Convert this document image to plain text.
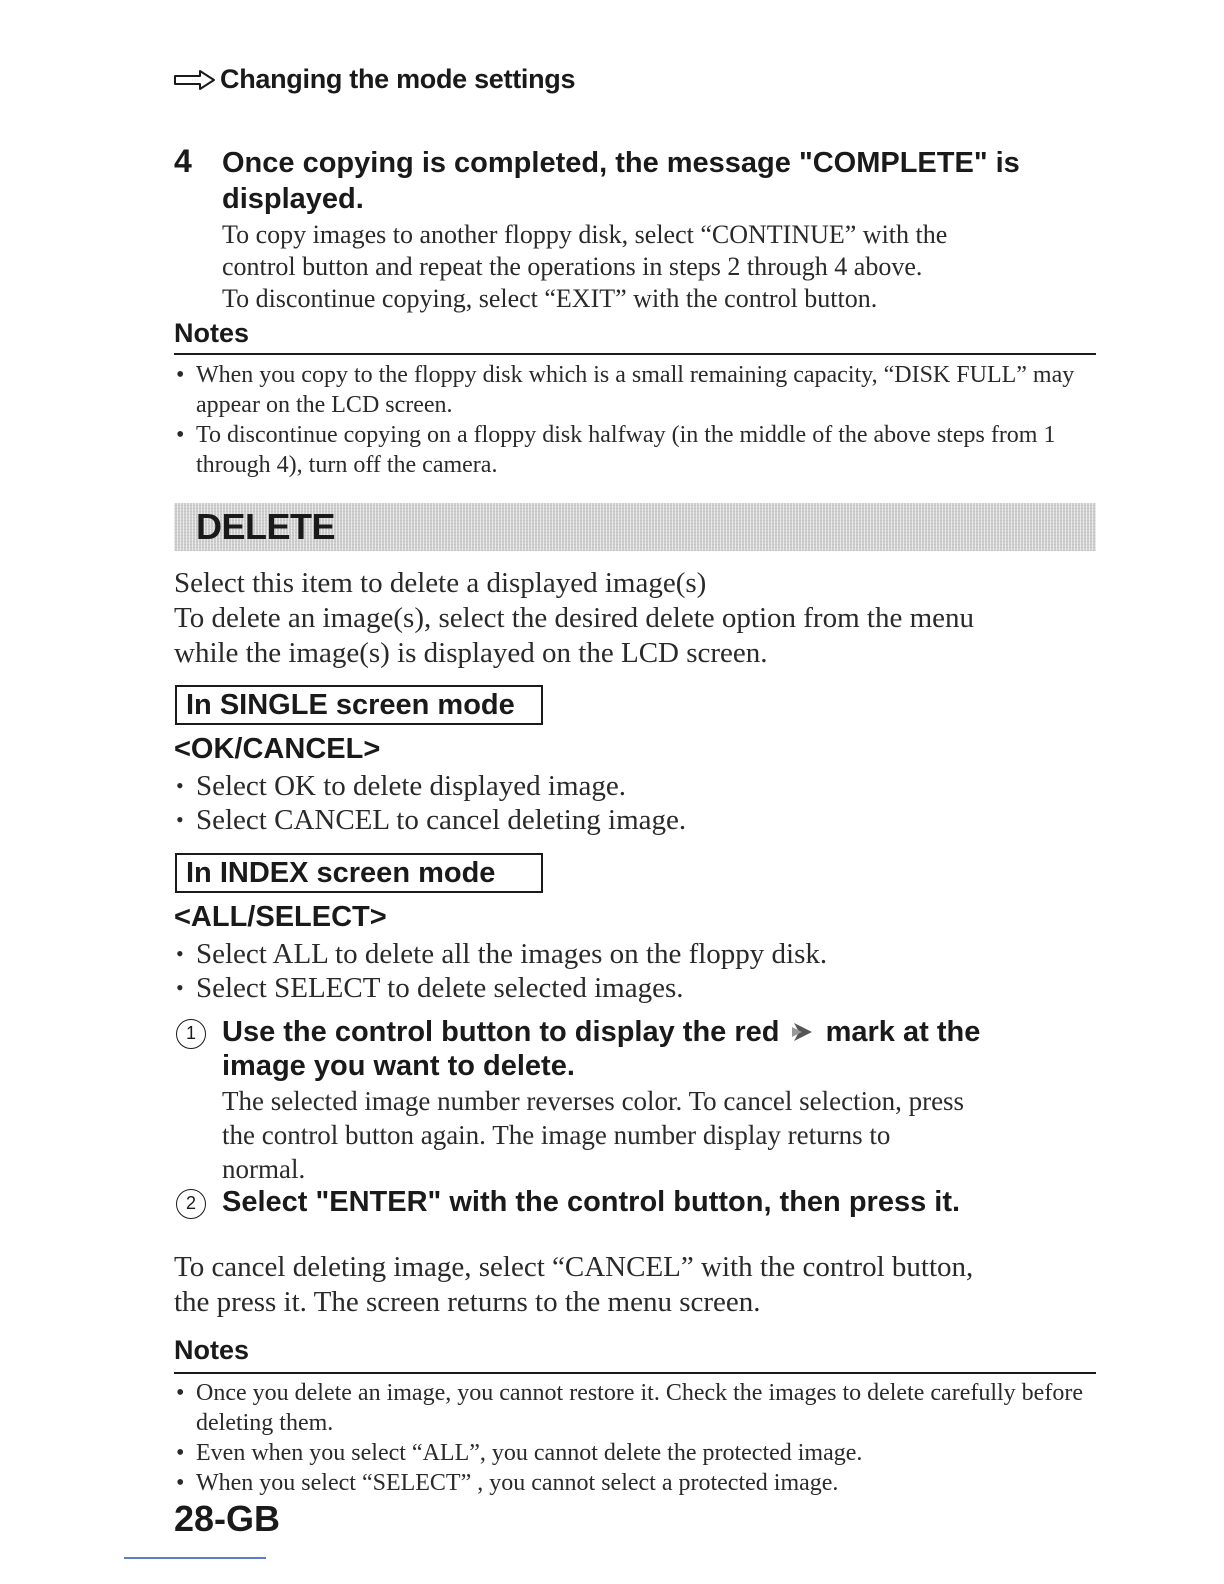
Changing the mode settings
4 Once copying is completed, the message "COMPLETE" is displayed.
To copy images to another floppy disk, select “CONTINUE” with the
control button and repeat the operations in steps 2 through 4 above.
To discontinue copying, select “EXIT” with the control button.
Notes
• When you copy to the floppy disk which is a small remaining capacity, “DISK FULL” may appear on the LCD screen.
• To discontinue copying on a floppy disk halfway (in the middle of the above steps from 1 through 4), turn off the camera.
DELETE
Select this item to delete a displayed image(s)
To delete an image(s), select the desired delete option from the menu
while the image(s) is displayed on the LCD screen.
In SINGLE screen mode
<OK/CANCEL>
• Select OK to delete displayed image.
• Select CANCEL to cancel deleting image.
In INDEX screen mode
<ALL/SELECT>
• Select ALL to delete all the images on the floppy disk.
• Select SELECT to delete selected images.
1 Use the control button to display the red mark at the
image you want to delete.
The selected image number reverses color. To cancel selection, press
the control button again. The image number display returns to
normal.
2 Select "ENTER" with the control button, then press it.
To cancel deleting image, select “CANCEL” with the control button,
the press it. The screen returns to the menu screen.
Notes
• Once you delete an image, you cannot restore it. Check the images to delete carefully before deleting them.
• Even when you select “ALL”, you cannot delete the protected image.
• When you select “SELECT” , you cannot select a protected image.
28-GB
